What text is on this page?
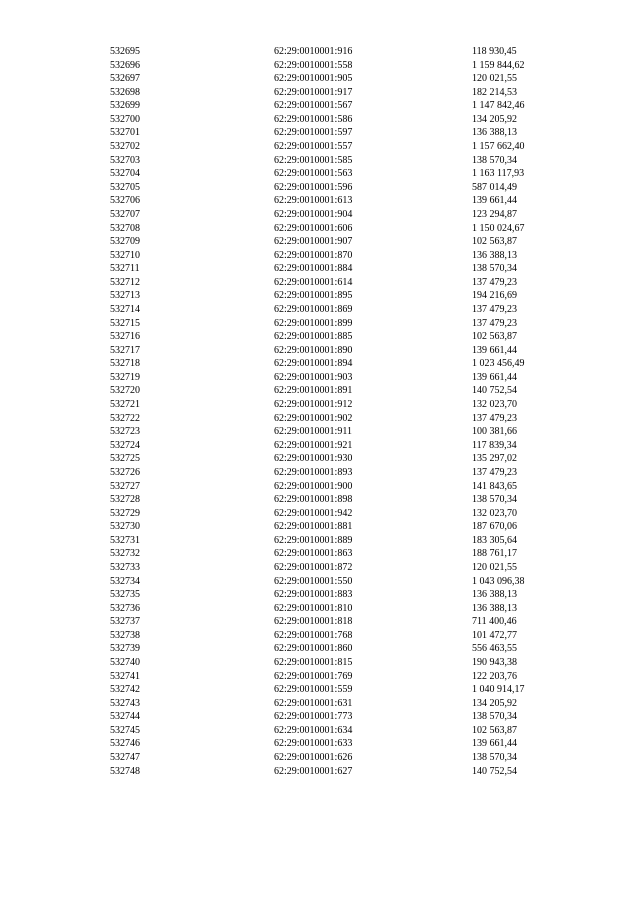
532695	62:29:0010001:916	118 930,45
532696	62:29:0010001:558	1 159 844,62
532697	62:29:0010001:905	120 021,55
532698	62:29:0010001:917	182 214,53
532699	62:29:0010001:567	1 147 842,46
532700	62:29:0010001:586	134 205,92
532701	62:29:0010001:597	136 388,13
532702	62:29:0010001:557	1 157 662,40
532703	62:29:0010001:585	138 570,34
532704	62:29:0010001:563	1 163 117,93
532705	62:29:0010001:596	587 014,49
532706	62:29:0010001:613	139 661,44
532707	62:29:0010001:904	123 294,87
532708	62:29:0010001:606	1 150 024,67
532709	62:29:0010001:907	102 563,87
532710	62:29:0010001:870	136 388,13
532711	62:29:0010001:884	138 570,34
532712	62:29:0010001:614	137 479,23
532713	62:29:0010001:895	194 216,69
532714	62:29:0010001:869	137 479,23
532715	62:29:0010001:899	137 479,23
532716	62:29:0010001:885	102 563,87
532717	62:29:0010001:890	139 661,44
532718	62:29:0010001:894	1 023 456,49
532719	62:29:0010001:903	139 661,44
532720	62:29:0010001:891	140 752,54
532721	62:29:0010001:912	132 023,70
532722	62:29:0010001:902	137 479,23
532723	62:29:0010001:911	100 381,66
532724	62:29:0010001:921	117 839,34
532725	62:29:0010001:930	135 297,02
532726	62:29:0010001:893	137 479,23
532727	62:29:0010001:900	141 843,65
532728	62:29:0010001:898	138 570,34
532729	62:29:0010001:942	132 023,70
532730	62:29:0010001:881	187 670,06
532731	62:29:0010001:889	183 305,64
532732	62:29:0010001:863	188 761,17
532733	62:29:0010001:872	120 021,55
532734	62:29:0010001:550	1 043 096,38
532735	62:29:0010001:883	136 388,13
532736	62:29:0010001:810	136 388,13
532737	62:29:0010001:818	711 400,46
532738	62:29:0010001:768	101 472,77
532739	62:29:0010001:860	556 463,55
532740	62:29:0010001:815	190 943,38
532741	62:29:0010001:769	122 203,76
532742	62:29:0010001:559	1 040 914,17
532743	62:29:0010001:631	134 205,92
532744	62:29:0010001:773	138 570,34
532745	62:29:0010001:634	102 563,87
532746	62:29:0010001:633	139 661,44
532747	62:29:0010001:626	138 570,34
532748	62:29:0010001:627	140 752,54
